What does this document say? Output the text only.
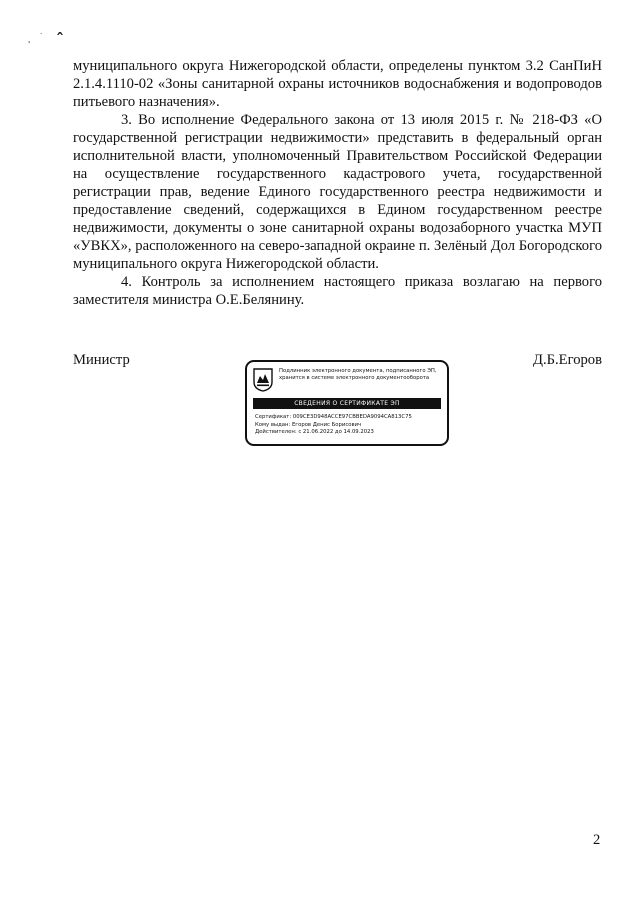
ˆ
'
·

муниципального округа Нижегородской области, определены пунктом 3.2 СанПиН 2.1.4.1110-02 «Зоны санитарной охраны источников водоснабжения и водопроводов питьевого назначения».

3. Во исполнение Федерального закона от 13 июля 2015 г. № 218-ФЗ «О государственной регистрации недвижимости» представить в федеральный орган исполнительной власти, уполномоченный Правительством Российской Федерации на осуществление государственного кадастрового учета, государственной регистрации прав, ведение Единого государственного реестра недвижимости и предоставление сведений, содержащихся в Едином государственном реестре недвижимости, документы о зоне санитарной охраны водозаборного участка МУП «УВКХ», расположенного на северо-западной окраине п. Зелёный Дол Богородского муниципального округа Нижегородской области.

4. Контроль за исполнением настоящего приказа возлагаю на первого заместителя министра О.Е.Белянину.

Министр	Д.Б.Егоров
Подлинник электронного документа, подписанного ЭП,
хранится в системе электронного документооборота
СВЕДЕНИЯ О СЕРТИФИКАТЕ ЭП
Сертификат: 009CE3D948ACCE97CBBEDA9094CA813C75
Кому выдан: Егоров Денис Борисович
Действителен: с 21.06.2022 до 14.09.2023
2
